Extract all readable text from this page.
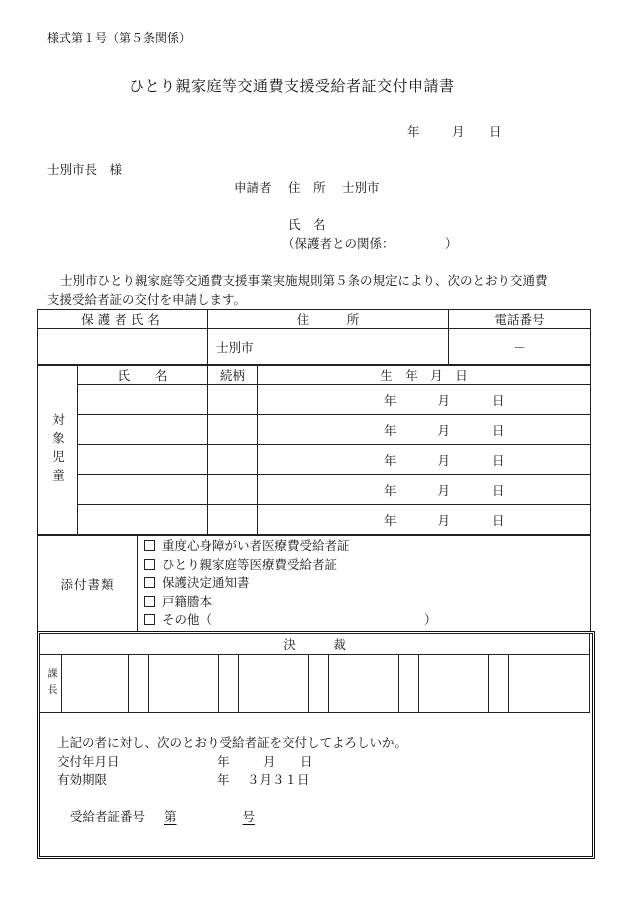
様式第１号（第５条関係）
ひとり親家庭等交通費支援受給者証交付申請書
年	月 日
士別市長　様
申請者 住　所 士別市
氏　名
（保護者との関係：	）
士別市ひとり親家庭等交通費支援事業実施規則第５条の規定により、次のとおり交通費
支援受給者証の交付を申請します。
保護者氏名	住　　　所	電話番号
	士別市	－
対象児童	氏　　名	続柄	生　年　月　日
			年 月 日
			年 月 日
			年 月 日
			年 月 日
			年 月 日
添付書類	
重度心身障がい者医療費受給者証
ひとり親家庭等医療費受給者証
保護決定通知書
戸籍謄本
その他（	）
決　　　裁

課長

上記の者に対し、次のとおり受給者証を交付してよろしいか。
交付年月日	年	月 日
有効期限	年 ３月３１日
受給者証番号 第	号
